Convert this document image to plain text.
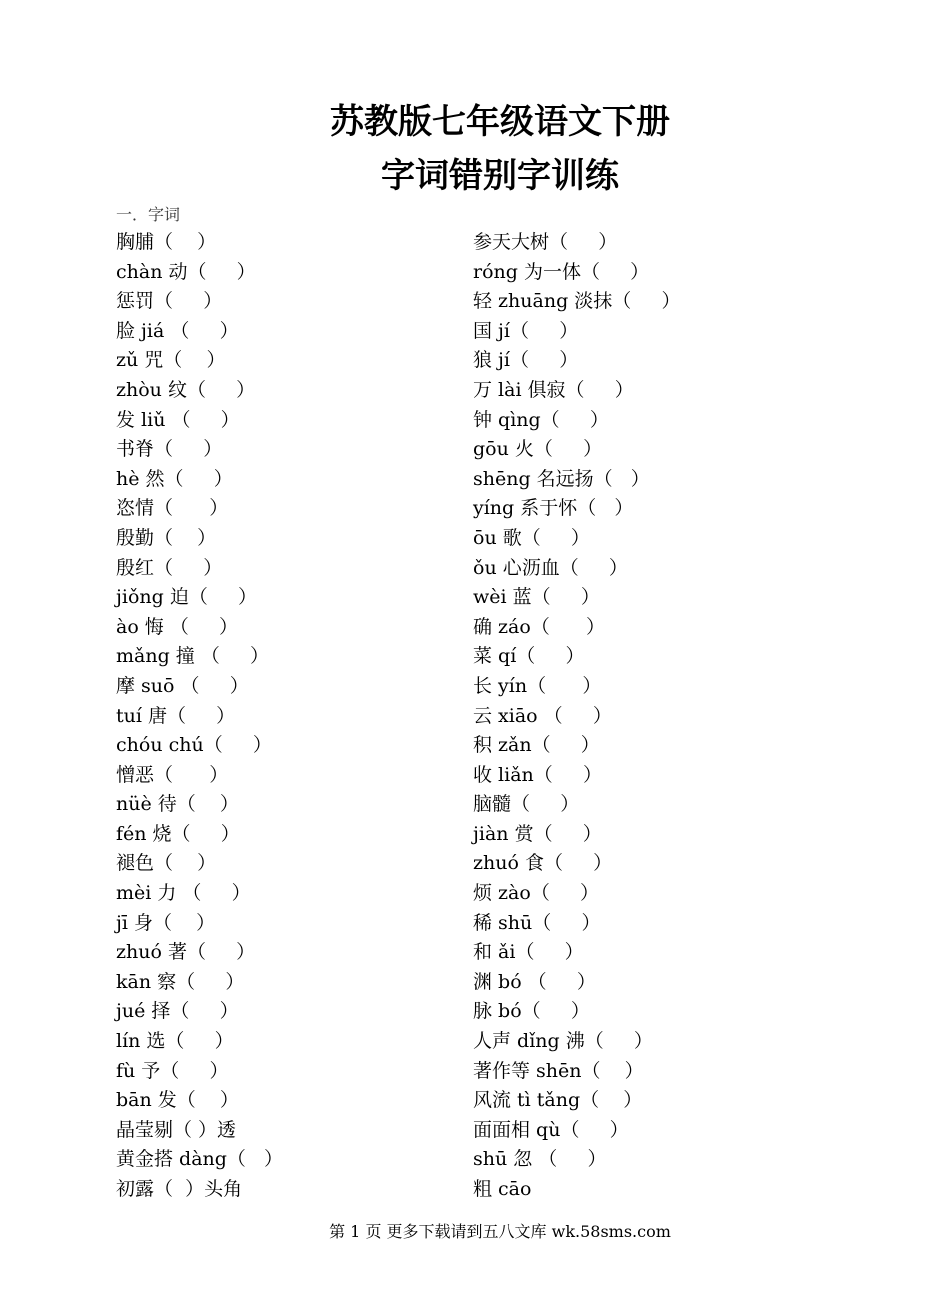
苏教版七年级语文下册
字词错别字训练
一．字词
胸脯（    ）
chàn 动（     ）
惩罚（     ）
脸 jiá （     ）
zǔ 咒（    ）
zhòu 纹（     ）
发 liǔ （     ）
书脊（     ）
hè 然（     ）
恣情（      ）
殷勤（    ）
殷红（     ）
jiǒng 迫（     ）
ào 悔 （     ）
mǎng 撞 （     ）
摩 suō （     ）
tuí 唐（     ）
chóu chú（     ）
憎恶（      ）
nüè 待（    ）
fén 烧（     ）
褪色（    ）
mèi 力 （     ）
jī 身（    ）
zhuó 著（     ）
kān 察（     ）
jué 择（     ）
lín 选（     ）
fù 予（     ）
bān 发（    ）
晶莹剔（ ）透
黄金搭 dàng（   ）
初露（  ）头角
参天大树（     ）
róng 为一体（     ）
轻 zhuāng 淡抹（     ）
国 jí（     ）
狼 jí（     ）
万 lài 俱寂（     ）
钟 qìng（     ）
gōu 火（     ）
shēng 名远扬（   ）
yíng 系于怀（   ）
ōu 歌（     ）
ǒu 心沥血（     ）
wèi 蓝（     ）
确 záo（      ）
菜 qí（     ）
长 yín（      ）
云 xiāo （     ）
积 zǎn（     ）
收 liǎn（     ）
脑髓（     ）
jiàn 赏（     ）
zhuó 食（     ）
烦 zào（     ）
稀 shū（     ）
和 ǎi（     ）
渊 bó （     ）
脉 bó（     ）
人声 dǐng 沸（     ）
著作等 shēn（    ）
风流 tì tǎng（    ）
面面相 qù（     ）
shū 忽 （     ）
粗 cāo
第 1 页 更多下载请到五八文库 wk.58sms.com
